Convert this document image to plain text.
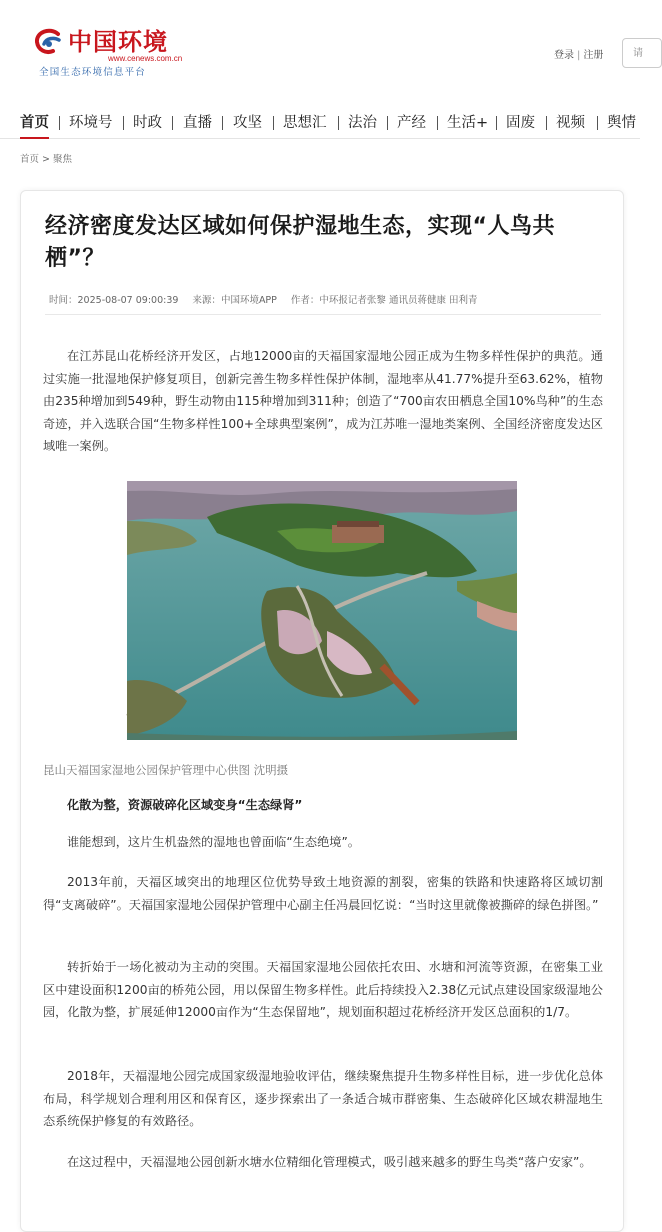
中国环境
www.cenews.com.cn
全国生态环境信息平台
登录 | 注册	请
首页 环境号 时政 直播 攻坚 思想汇 法治 产经 生活+ 固废 视频 舆情
首页 > 聚焦
经济密度发达区域如何保护湿地生态，实现“人鸟共栖”？
时间：2025-08-07 09:00:39 来源：中国环境APP 作者：中环报记者张黎 通讯员蒋健康 田利青
在江苏昆山花桥经济开发区，占地12000亩的天福国家湿地公园正成为生物多样性保护的典范。通过实施一批湿地保护修复项目，创新完善生物多样性保护体制，湿地率从41.77%提升至63.62%，植物由235种增加到549种，野生动物由115种增加到311种；创造了“700亩农田栖息全国10%鸟种”的生态奇迹，并入选联合国“生物多样性100+全球典型案例”，成为江苏唯一湿地类案例、全国经济密度发达区域唯一案例。
昆山天福国家湿地公园保护管理中心供图 沈明摄
化散为整，资源破碎化区域变身“生态绿肾”
谁能想到，这片生机盎然的湿地也曾面临“生态绝境”。
2013年前，天福区域突出的地理区位优势导致土地资源的割裂，密集的铁路和快速路将区域切割得“支离破碎”。天福国家湿地公园保护管理中心副主任冯晨回忆说：“当时这里就像被撕碎的绿色拼图。”
转折始于一场化被动为主动的突围。天福国家湿地公园依托农田、水塘和河流等资源，在密集工业区中建设面积1200亩的桥苑公园，用以保留生物多样性。此后持续投入2.38亿元试点建设国家级湿地公园，化散为整，扩展延伸12000亩作为“生态保留地”，规划面积超过花桥经济开发区总面积的1/7。
2018年，天福湿地公园完成国家级湿地验收评估，继续聚焦提升生物多样性目标，进一步优化总体布局，科学规划合理利用区和保育区，逐步探索出了一条适合城市群密集、生态破碎化区域农耕湿地生态系统保护修复的有效路径。
在这过程中，天福湿地公园创新水塘水位精细化管理模式，吸引越来越多的野生鸟类“落户安家”。
